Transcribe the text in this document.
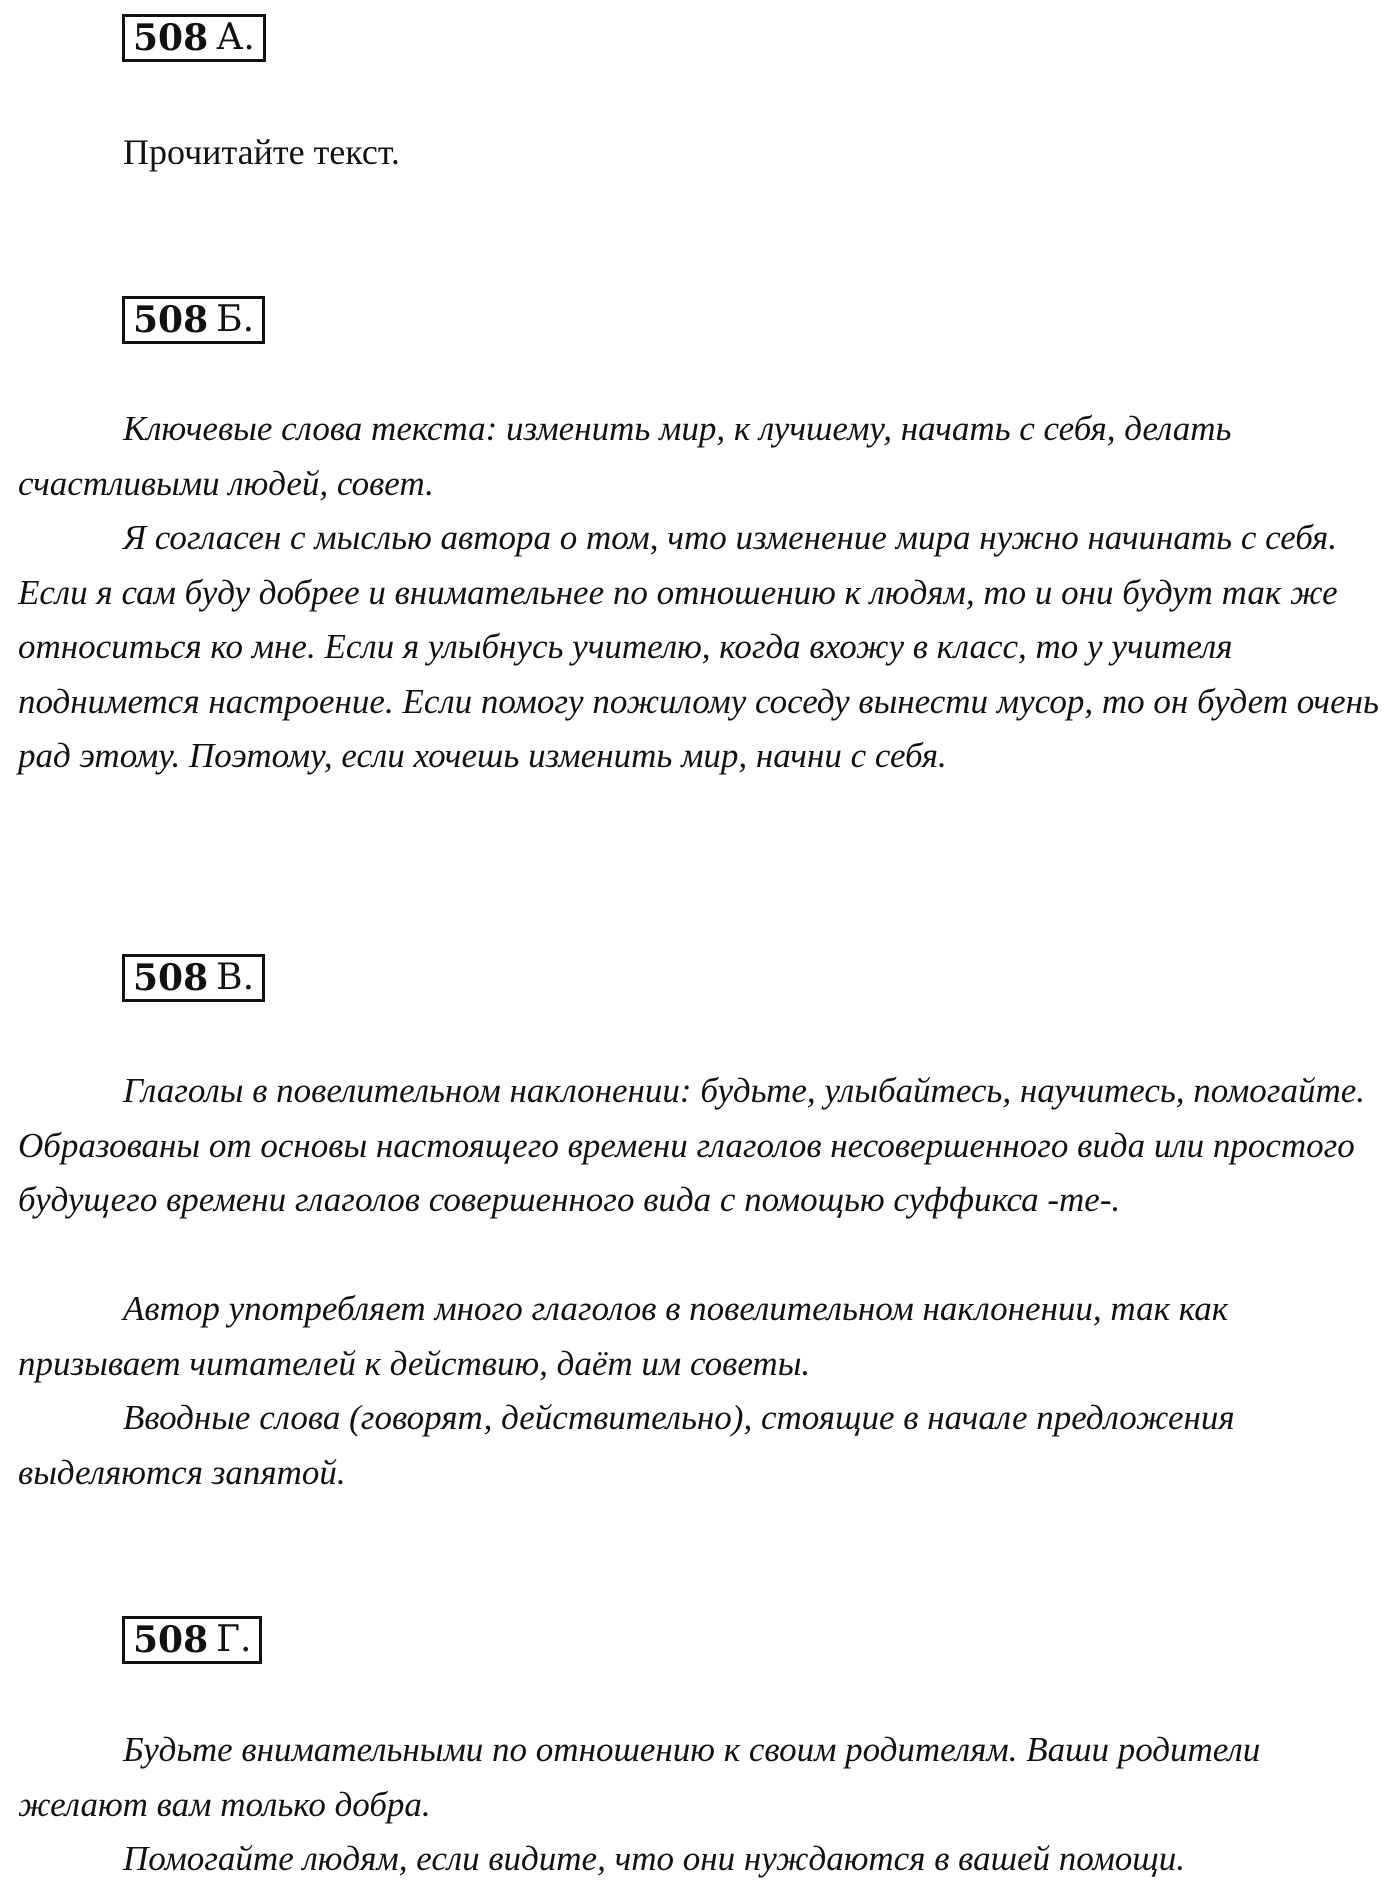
508 А.
Прочитайте текст.
508 Б.

Ключевые слова текста: изменить мир, к лучшему, начать с себя, делать счастливыми людей, совет.

Я согласен с мыслью автора о том, что изменение мира нужно начинать с себя. Если я сам буду добрее и внимательнее по отношению к людям, то и они будут так же относиться ко мне. Если я улыбнусь учителю, когда вхожу в класс, то у учителя поднимется настроение. Если помогу пожилому соседу вынести мусор, то он будет очень рад этому. Поэтому, если хочешь изменить мир, начни с себя.

508 В.

Глаголы в повелительном наклонении: будьте, улыбайтесь, научитесь, помогайте. Образованы от основы настоящего времени глаголов несовершенного вида или простого будущего времени глаголов совершенного вида с помощью суффикса -те-.

Автор употребляет много глаголов в повелительном наклонении, так как призывает читателей к действию, даёт им советы.

Вводные слова (говорят, действительно), стоящие в начале предложения выделяются запятой.

508 Г.

Будьте внимательными по отношению к своим родителям. Ваши родители желают вам только добра.

Помогайте людям, если видите, что они нуждаются в вашей помощи.
